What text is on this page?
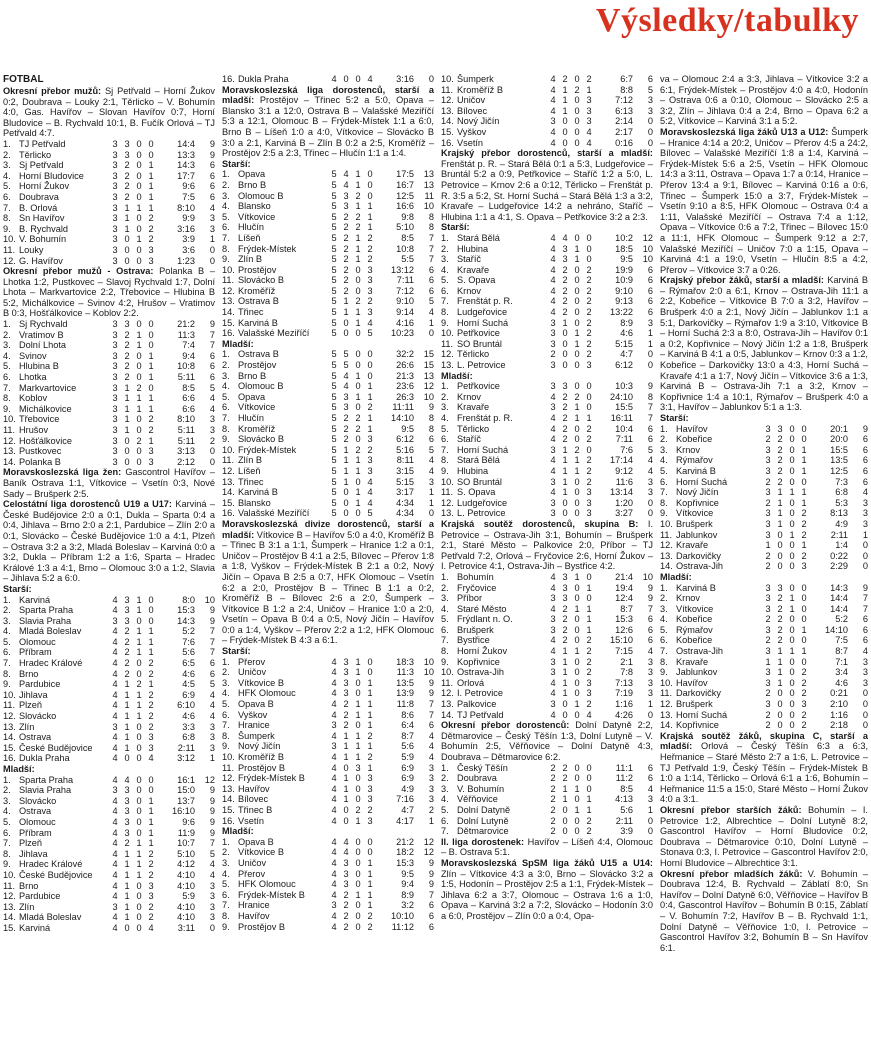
Výsledky/tabulky
FOTBAL

Okresní přebor mužů: Sj Petřvald – Horní Žukov 0:2, Doubrava – Louky 2:1, Těrlicko – V. Bohumín 4:0, Gas. Havířov – Slovan Havířov 0:7, Horní Bludovice – B. Rychvald 10:1, B. Fučík Orlová – TJ Petřvald 4:7.

1.	TJ Petřvald	3	3	0	0	14:4	9
2.	Těrlicko	3	3	0	0	13:3	9
3.	Sj Petřvald	3	2	0	1	14:3	6
4.	Horní Bludovice	3	2	0	1	17:7	6
5.	Horní Žukov	3	2	0	1	9:6	6
6.	Doubrava	3	2	0	1	7:5	6
7.	B. Orlová	3	1	1	1	8:10	4
8.	Sn Havířov	3	1	0	2	9:9	3
9.	B. Rychvald	3	1	0	2	3:16	3
10.	V. Bohumín	3	0	1	2	3:9	1
11.	Louky	3	0	0	3	3:6	0
12.	G. Havířov	3	0	0	3	1:23	0

Okresní přebor mužů - Ostrava: Polanka B – Lhotka 1:2, Pustkovec – Slavoj Rychvald 1:7, Dolní Lhota – Markvartovice 2:2, Třebovice – Hlubina B 5:2, Michálkovice – Svinov 4:2, Hrušov – Vratimov B 0:3, Hošťálkovice – Koblov 2:2.

1.	Sj Rychvald	3	3	0	0	21:2	9
2.	Vratimov B	3	2	1	0	11:3	7
3.	Dolní Lhota	3	2	1	0	7:4	7
4.	Svinov	3	2	0	1	9:4	6
5.	Hlubina B	3	2	0	1	10:8	6
6.	Lhotka	3	2	0	1	5:11	6
7.	Markvartovice	3	1	2	0	8:5	5
8.	Koblov	3	1	1	1	6:6	4
9.	Michálkovice	3	1	1	1	6:6	4
10.	Třebovice	3	1	0	2	8:10	3
11.	Hrušov	3	1	0	2	5:11	3
12.	Hošťálkovice	3	0	2	1	5:11	2
13.	Pustkovec	3	0	0	3	3:13	0
14.	Polanka B	3	0	0	3	2:12	0

Moravskoslezská liga žen: Gascontrol Havířov – Baník Ostrava 1:1, Vítkovice – Vsetín 0:3, Nové Sady – Brušperk 2:5.

Celostátní liga dorostenců U19 a U17: Karviná – České Budějovice 2:0 a 0:1, Dukla – Sparta 0:4 a 0:4, Jihlava – Brno 2:0 a 2:1, Pardubice – Zlín 2:0 a 0:1, Slovácko – České Budějovice 1:0 a 4:1, Plzeň – Ostrava 3:2 a 3:2, Mladá Boleslav – Karviná 0:0 a 3:2, Dukla – Příbram 1:2 a 1:6, Sparta – Hradec Králové 1:3 a 4:1, Brno – Olomouc 3:0 a 1:2, Slavia – Jihlava 5:2 a 6:0.

Starší:
1.	Karviná	4	3	1	0	8:0	10
2.	Sparta Praha	4	3	1	0	15:3	9
3.	Slavia Praha	3	3	0	0	14:3	9
4.	Mladá Boleslav	4	2	1	1	5:2	7
5.	Olomouc	4	2	1	1	7:6	7
6.	Příbram	4	2	1	1	5:6	7
7.	Hradec Králové	4	2	0	2	6:5	6
8.	Brno	4	2	0	2	4:6	6
9.	Pardubice	4	1	2	1	4:5	5
10.	Jihlava	4	1	1	2	6:9	4
11.	Plzeň	4	1	1	2	6:10	4
12.	Slovácko	4	1	1	2	4:6	4
13.	Zlín	3	1	0	2	3:3	3
14.	Ostrava	4	1	0	3	6:8	3
15.	České Budějovice	4	1	0	3	2:11	3
16.	Dukla Praha	4	0	0	4	3:12	1
Mladší:
1.	Sparta Praha	4	4	0	0	16:1	12
2.	Slavia Praha	3	3	0	0	15:0	9
3.	Slovácko	4	3	0	1	13:7	9
4.	Ostrava	4	3	0	1	16:10	9
5.	Olomouc	4	3	0	1	9:6	9
6.	Příbram	4	3	0	1	11:9	9
7.	Plzeň	4	2	1	1	10:7	7
8.	Jihlava	4	1	1	2	5:10	5
9.	Hradec Králové	4	1	1	2	4:12	4
10.	České Budějovice	4	1	1	2	4:10	4
11.	Brno	4	1	0	3	4:10	3
12.	Pardubice	4	1	0	3	5:9	3
13.	Zlín	3	1	0	2	4:10	3
14.	Mladá Boleslav	4	1	0	2	4:10	3
15.	Karviná	4	0	0	4	3:11	0
16.	Dukla Praha	4	0	0	4	3:16	0

Moravskoslezská liga dorostenců, starší a mladší: Prostějov – Třinec 5:2 a 5:0, Opava – Blansko 3:1 a 12:0, Ostrava B – Valašské Meziříčí 5:3 a 12:1, Olomouc B – Frýdek-Místek 1:1 a 6:0, Brno B – Líšeň 1:0 a 4:0, Vítkovice – Slovácko B 3:0 a 2:1, Karviná B – Zlín B 0:2 a 2:5, Kroměříž – Prostějov 2:5 a 2:3, Třinec – Hlučín 1:1 a 1:4.

Starší:
1.	Opava	5	4	1	0	17:5	13
2.	Brno B	5	4	1	0	16:7	13
3.	Olomouc B	5	3	2	0	12:5	11
4.	Blansko	5	3	1	1	16:6	10
5.	Vítkovice	5	2	2	1	9:8	8
6.	Hlučín	5	2	2	1	5:10	8
7.	Líšeň	5	2	1	2	8:5	7
8.	Frýdek-Místek	5	2	1	2	10:8	7
9.	Zlín B	5	2	1	2	5:5	7
10.	Prostějov	5	2	0	3	13:12	6
11.	Slovácko B	5	2	0	3	7:11	6
12.	Kroměříž	5	2	0	3	7:12	6
13.	Ostrava B	5	1	2	2	9:10	5
14.	Třinec	5	1	1	3	9:14	4
15.	Karviná B	5	0	1	4	4:16	1
16.	Valašské Meziříčí	5	0	0	5	10:23	0
Mladší:
1.	Ostrava B	5	5	0	0	32:2	15
2.	Prostějov	5	5	0	0	26:6	15
3.	Brno B	5	4	1	0	21:3	13
4.	Olomouc B	5	4	0	1	23:6	12
5.	Opava	5	3	1	1	26:3	10
6.	Vítkovice	5	3	0	2	11:11	9
7.	Hlučín	5	2	2	1	14:10	8
8.	Kroměříž	5	2	2	1	9:5	8
9.	Slovácko B	5	2	0	3	6:12	6
10.	Frýdek-Místek	5	1	2	2	5:16	5
11.	Zlín B	5	1	1	3	8:11	4
12.	Líšeň	5	1	1	3	3:15	4
13.	Třinec	5	1	0	4	5:15	3
14.	Karviná B	5	0	1	4	3:17	1
15.	Blansko	5	0	1	4	4:34	1
16.	Valašské Meziříčí	5	0	0	5	4:34	0

Moravskoslezská divize dorostenců, starší a mladší: Vítkovice B – Havířov 5:0 a 4:0, Kroměříž B – Třinec B 3:1 a 1:1, Šumperk – Hranice 1:2 a 0:1, Uničov – Prostějov B 4:1 a 2:5, Bílovec – Přerov 1:8 a 1:8, Vyškov – Frýdek-Místek B 2:1 a 0:2, Nový Jičín – Opava B 2:5 a 0:7, HFK Olomouc – Vsetín 6:2 a 2:0, Prostějov B – Třinec B 1:1 a 0:2, Kroměříž B – Bílovec 2:6 a 2:0, Šumperk – Vítkovice B 1:2 a 2:4, Uničov – Hranice 1:0 a 2:0, Vsetín – Opava B 0:4 a 0:5, Nový Jičín – Havířov 0:0 a 1:4, Vyškov – Přerov 2:2 a 1:2, HFK Olomouc – Frýdek-Místek B 4:3 a 6:1.

Starší:
1.	Přerov	4	3	1	0	18:3	10
2.	Uničov	4	3	1	0	11:3	10
3.	Vítkovice B	4	3	0	1	13:5	9
4.	HFK Olomouc	4	3	0	1	13:9	9
5.	Opava B	4	2	1	1	11:8	7
6.	Vyškov	4	2	1	1	8:6	7
7.	Hranice	3	2	0	1	6:4	6
8.	Šumperk	4	1	1	2	8:7	4
9.	Nový Jičín	3	1	1	1	5:6	4
10.	Kroměříž B	4	1	1	2	5:9	4
11.	Prostějov B	4	0	3	1	6:9	3
12.	Frýdek-Místek B	4	1	0	3	6:9	3
13.	Havířov	4	1	0	3	4:9	3
14.	Bílovec	4	1	0	3	7:16	3
15.	Třinec B	4	0	2	2	4:7	2
16.	Vsetín	4	0	1	3	4:17	1
Mladší:
1.	Opava B	4	4	0	0	21:2	12
2.	Vítkovice B	4	4	0	0	18:2	12
3.	Uničov	4	3	0	1	15:3	9
4.	Přerov	4	3	0	1	9:5	9
5.	HFK Olomouc	4	3	0	1	9:4	9
6.	Frýdek-Místek B	4	2	1	1	8:9	7
7.	Hranice	3	2	0	1	3:2	6
8.	Havířov	4	2	0	2	10:10	6
9.	Prostějov B	4	2	0	2	11:12	6
10.	Šumperk	4	2	0	2	6:7	6
11.	Kroměříž B	4	1	2	1	8:8	5
12.	Uničov	4	1	0	3	7:12	3
13.	Bílovec	4	1	0	3	6:13	3
14.	Nový Jičín	3	0	0	3	2:14	0
15.	Vyškov	4	0	0	4	2:17	0
16.	Vsetín	4	0	0	4	0:16	0

Krajský přebor dorostenců, starší a mladší: Frenštát p. R. – Stará Bělá 0:1 a 5:3, Ludgeřovice – Bruntál 5:2 a 0:9, Petřkovice – Staříč 1:2 a 5:0, L. Petrovice – Krnov 2:6 a 0:12, Těrlicko – Frenštát p. R. 3:5 a 5:2, St. Horní Suchá – Stará Bělá 1:3 a 3:2, Kravaře – Ludgeřovice 14:2 a nehráno, Staříč – Hlubina 1:1 a 4:1, S. Opava – Petřkovice 3:2 a 2:3.

Starší:
1.	Stará Bělá	4	4	0	0	10:2	12
2.	Hlubina	4	3	1	0	18:5	10
3.	Staříč	4	3	1	0	9:5	10
4.	Kravaře	4	2	0	2	19:9	6
5.	S. Opava	4	2	0	2	10:9	6
6.	Krnov	4	2	0	2	9:10	6
7.	Frenštát p. R.	4	2	0	2	9:13	6
8.	Ludgeřovice	4	2	0	2	13:22	6
9.	Horní Suchá	3	1	0	2	8:9	3
10.	Petřkovice	3	0	1	2	4:6	1
11.	SO Bruntál	3	0	1	2	5:15	1
12.	Těrlicko	2	0	0	2	4:7	0
13.	L. Petrovice	3	0	0	3	6:12	0
Mladší:
1.	Petřkovice	3	3	0	0	10:3	9
2.	Krnov	4	2	2	0	24:10	8
3.	Kravaře	3	2	1	0	15:5	7
4.	Frenštát p. R.	4	2	1	1	16:11	7
5.	Těrlicko	4	2	0	2	10:4	6
6.	Staříč	4	2	0	2	7:11	6
7.	Horní Suchá	3	1	2	0	7:6	5
8.	Stará Bělá	4	1	1	2	17:14	4
9.	Hlubina	4	1	1	2	9:12	4
10.	SO Bruntál	3	1	0	2	11:6	3
11.	S. Opava	4	1	0	3	13:14	3
12.	Ludgeřovice	3	0	0	3	1:20	0
13.	L. Petrovice	3	0	0	3	3:27	0

Krajská soutěž dorostenců, skupina B: I. Petrovice – Ostrava-Jih 3:1, Bohumín – Brušperk 2:1, Staré Město – Palkovice 2:0, Příbor – TJ Petřvald 7:2, Orlová – Fryčovice 2:6, Horní Žukov – I. Petrovice 4:1, Ostrava-Jih – Bystřice 4:2.

1.	Bohumín	4	3	1	0	21:4	10
2.	Fryčovice	4	3	0	1	19:4	9
3.	Příbor	3	3	0	0	12:4	9
4.	Staré Město	4	2	1	1	8:7	7
5.	Frýdlant n. O.	3	2	0	1	15:3	6
6.	Brušperk	3	2	0	1	12:6	6
7.	Bystřice	4	2	0	2	15:10	6
8.	Horní Žukov	4	1	1	2	7:15	4
9.	Kopřivnice	3	1	0	2	2:1	3
10.	Ostrava-Jih	3	1	0	2	7:8	3
11.	Orlová	4	1	0	3	7:13	3
12.	I. Petrovice	4	1	0	3	7:19	3
13.	Palkovice	3	0	1	2	1:16	1
14.	TJ Petřvald	4	0	0	4	4:26	0

Okresní přebor dorostenců: Dolní Datyně 2:2, Dětmarovice – Český Těšín 1:3, Dolní Lutyně – V. Bohumín 2:5, Věřňovice – Dolní Datyně 4:3, Doubrava – Dětmarovice 6:2.

1.	Český Těšín	2	2	0	0	11:1	6
2.	Doubrava	2	2	0	0	11:2	6
3.	V. Bohumín	2	1	1	0	8:5	4
4.	Věřňovice	2	1	0	1	4:13	3
5.	Dolní Datyně	2	0	1	1	5:6	1
6.	Dolní Lutyně	2	0	0	2	2:11	0
7.	Dětmarovice	2	0	0	2	3:9	0

II. liga dorostenek: Havířov – Líšeň 4:4, Olomouc – B. Ostrava 5:1.

Moravskoslezská SpSM liga žáků U15 a U14: Zlín – Vítkovice 4:3 a 3:0, Brno – Slovácko 3:2 a 1:5, Hodonín – Prostějov 2:5 a 1:1, Frýdek-Místek – Jihlava 6:2 a 3:7, Olomouc – Ostrava 1:6 a 1:0, Opava – Karviná 3:2 a 7:2, Slovácko – Hodonín 3:0 a 6:0, Prostějov – Zlín 0:0 a 0:4, Opa-

va – Olomouc 2:4 a 3:3, Jihlava – Vítkovice 3:2 a 6:1, Frýdek-Místek – Prostějov 4:0 a 4:0, Hodonín – Ostrava 0:6 a 0:10, Olomouc – Slovácko 2:5 a 3:2, Zlín – Jihlava 0:4 a 2:4, Brno – Opava 6:2 a 5:2, Vítkovice – Karviná 3:1 a 5:2.

Moravskoslezská liga žáků U13 a U12: Šumperk – Hranice 4:14 a 20:2, Uničov – Přerov 4:5 a 24:2, Bílovec – Valašské Meziříčí 1:8 a 1:4, Karviná – Frýdek-Místek 5:6 a 2:5, Vsetín – HFK Olomouc 14:3 a 3:11, Ostrava – Opava 1:7 a 0:14, Hranice – Přerov 13:4 a 9:1, Bílovec – Karviná 0:16 a 0:6, Třinec – Šumperk 15:0 a 3:7, Frýdek-Místek – Vsetín 9:10 a 8:5, HFK Olomouc – Ostrava 0:4 a 1:11, Valašské Meziříčí – Ostrava 7:4 a 1:12, Opava – Vítkovice 0:6 a 7:2, Třinec – Bílovec 15:0 a 11:1, HFK Olomouc – Šumperk 9:12 a 2:7, Valašské Meziříčí – Uničov 7:0 a 1:15, Opava – Karviná 4:1 a 19:0, Vsetín – Hlučín 8:5 a 4:2, Přerov – Vítkovice 3:7 a 0:26.

Krajský přebor žáků, starší a mladší: Karviná B – Rýmařov 2:0 a 6:1, Krnov – Ostrava-Jih 11:1 a 2:2, Kobeřice – Vítkovice B 7:0 a 3:2, Havířov – Brušperk 4:0 a 2:1, Nový Jičín – Jablunkov 1:1 a 5:1, Darkovičky – Rýmařov 1:9 a 3:10, Vítkovice B – Horní Suchá 2:3 a 8:0, Ostrava-Jih – Havířov 0:1 a 0:2, Kopřivnice – Nový Jičín 1:2 a 1:8, Brušperk – Karviná B 4:1 a 0:5, Jablunkov – Krnov 0:3 a 1:2, Kobeřice – Darkovičky 13:0 a 4:3, Horní Suchá – Kravaře 4:1 a 1:7, Nový Jičín – Vítkovice 3:6 a 1:3, Karviná B – Ostrava-Jih 7:1 a 3:2, Krnov – Kopřivnice 1:4 a 10:1, Rýmařov – Brušperk 4:0 a 3:1, Havířov – Jablunkov 5:1 a 1:3.

Starší:
1.	Havířov	3	3	0	0	20:1	9
2.	Kobeřice	2	2	0	0	20:0	6
3.	Krnov	3	2	0	1	15:5	6
4.	Rýmařov	3	2	0	1	13:5	6
5.	Karviná B	3	2	0	1	12:5	6
6.	Horní Suchá	2	2	0	0	7:3	6
7.	Nový Jičín	3	1	1	1	6:8	4
8.	Kopřivnice	2	1	0	1	5:3	3
9.	Vítkovice	3	1	0	2	8:13	3
10.	Brušperk	3	1	0	2	4:9	3
11.	Jablunkov	3	0	1	2	2:11	1
12.	Kravaře	1	0	0	1	1:4	0
13.	Darkovičky	2	0	0	2	0:22	0
14.	Ostrava-Jih	2	0	0	3	2:29	0
Mladší:
1.	Karviná B	3	3	0	0	14:3	9
2.	Krnov	3	2	1	0	14:4	7
3.	Vítkovice	3	2	1	0	14:4	7
4.	Kobeřice	2	2	0	0	5:2	6
5.	Rýmařov	3	2	0	1	14:10	6
6.	Kobeřice	2	2	0	0	7:5	6
7.	Ostrava-Jih	3	1	1	1	8:7	4
8.	Kravaře	1	1	0	0	7:1	3
9.	Jablunkov	3	1	0	2	3:4	3
10.	Havířov	3	1	0	2	4:6	3
11.	Darkovičky	2	0	0	2	0:21	0
12.	Brušperk	3	0	0	3	2:10	0
13.	Horní Suchá	2	0	0	2	1:16	0
14.	Kopřivnice	2	0	0	2	2:18	0

Krajská soutěž žáků, skupina C, starší a mladší: Orlová – Český Těšín 6:3 a 6:3, Heřmanice – Staré Město 2:7 a 1:6, L. Petrovice – TJ Petřvald 1:9, Český Těšín – Frýdek-Místek B 1:0 a 1:14, Těrlicko – Orlová 6:1 a 1:6, Bohumín – Heřmanice 11:5 a 15:0, Staré Město – Horní Žukov 4:0 a 3:1.

Okresní přebor starších žáků: Bohumín – I. Petrovice 1:2, Albrechtice – Dolní Lutyně 8:2, Gascontrol Havířov – Horní Bludovice 0:2, Doubrava – Dětmarovice 0:10, Dolní Lutyně – Stonava 0:3, I. Petrovice – Gascontrol Havířov 2:0, Horní Bludovice – Albrechtice 3:1.

Okresní přebor mladších žáků: V. Bohumín – Doubrava 12:4, B. Rychvald – Záblatí 8:0, Sn Havířov – Dolní Datyně 6:0, Věřňovice – Havířov B 0:4, Gascontrol Havířov – Bohumín B 0:15, Záblatí – V. Bohumín 7:2, Havířov B – B. Rychvald 1:1, Dolní Datyně – Věřňovice 1:0, I. Petrovice – Gascontrol Havířov 3:2, Bohumín B – Sn Havířov 6:1.
